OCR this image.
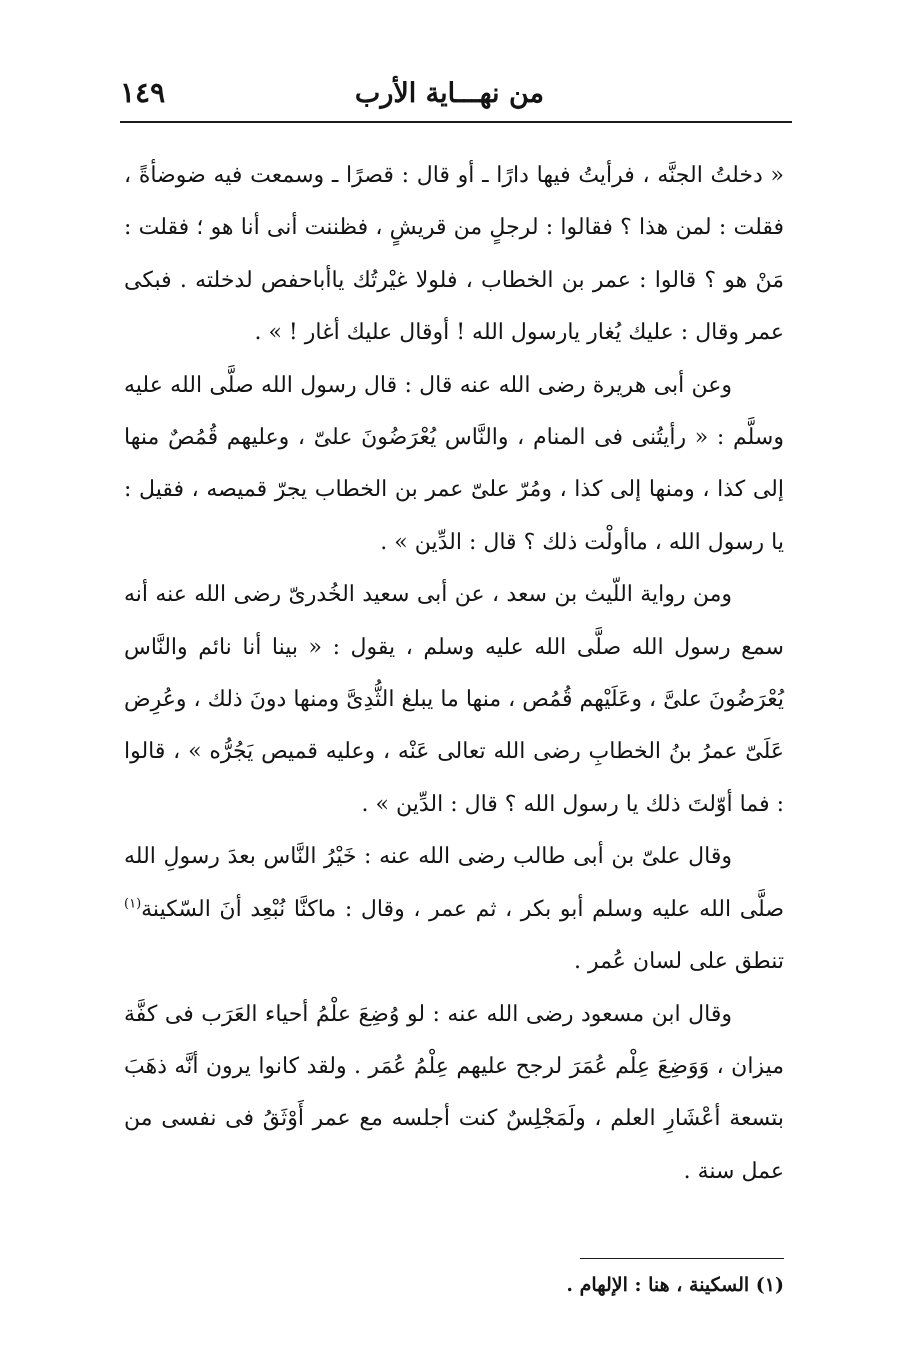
من نهـــاية الأرب
١٤٩

« دخلتُ الجنَّه ، فرأيتُ فيها دارًا ـ أو قال : قصرًا ـ وسمعت فيه ضوضأةً ، فقلت : لمن هذا ؟ فقالوا : لرجلٍ من قريشٍ ، فظننت أنى أنا هو ؛ فقلت : مَنْ هو ؟ قالوا : عمر بن الخطاب ، فلولا غيْرتُك ياأباحفص لدخلته . فبكى عمر وقال : عليك يُغار يارسول الله ! أوقال عليك أغار ! » .

وعن أبى هريرة رضى الله عنه قال : قال رسول الله صلَّى الله عليه وسلَّم : « رأيتُنى فى المنام ، والنَّاس يُعْرَضُونَ علىّ ، وعليهم قُمُصٌ منها إلى كذا ، ومنها إلى كذا ، ومُرّ علىّ عمر بن الخطاب يجرّ قميصه ، فقيل : يا رسول الله ، ماأولْت ذلك ؟ قال : الدِّين » .

ومن رواية اللّيث بن سعد ، عن أبى سعيد الخُدرىّ رضى الله عنه أنه سمع رسول الله صلَّى الله عليه وسلم ، يقول : « بينا أنا نائم والنَّاس يُعْرَضُونَ علىَّ ، وعَلَيْهم قُمُص ، منها ما يبلغ الثُّدِىَّ ومنها دونَ ذلك ، وعُرِض عَلَىّ عمرُ بنُ الخطابِ رضى الله تعالى عَنْه ، وعليه قميص يَجُرُّه » ، قالوا : فما أوّلتَ ذلك يا رسول الله ؟ قال : الدِّين » .

وقال علىّ بن أبى طالب رضى الله عنه : خَيْرُ النَّاس بعدَ رسولِ الله صلَّى الله عليه وسلم أبو بكر ، ثم عمر ، وقال : ماكنَّا نُبْعِد أنَ السّكينة$^{(١)}$ تنطق على لسان عُمر .

وقال ابن مسعود رضى الله عنه : لو وُضِعَ علْمُ أحياء العَرَب فى كفَّة ميزان ، وَوَضِعَ عِلْم عُمَرَ لرجح عليهم عِلْمُ عُمَر . ولقد كانوا يرون أنَّه ذهَبَ بتسعة أعْشَارِ العلم ، ولَمَجْلِسٌ كنت أجلسه مع عمر أَوْثَقُ فى نفسى من عمل سنة .

(١) السكينة ، هنا : الإلهام .
